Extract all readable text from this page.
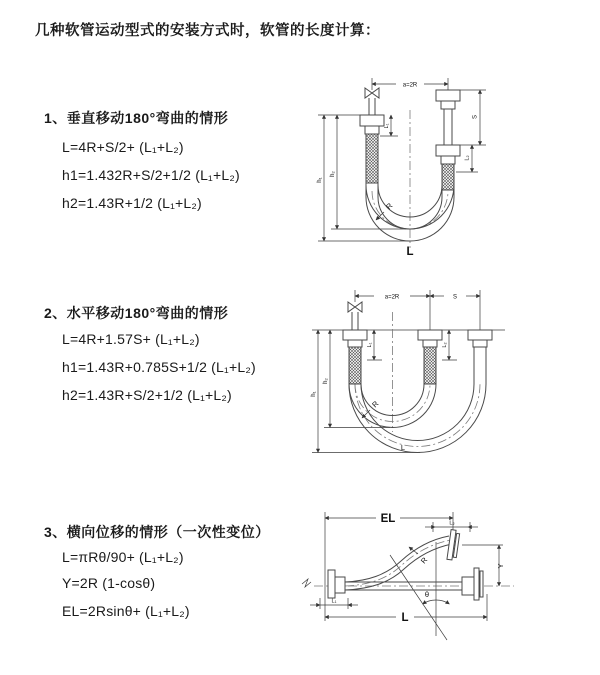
几种软管运动型式的安装方式时，软管的长度计算：
1、垂直移动180°弯曲的情形
L=4R+S/2+ (L₁+L₂)
h1=1.432R+S/2+1/2 (L₁+L₂)
h2=1.43R+1/2 (L₁+L₂)
2、水平移动180°弯曲的情形
L=4R+1.57S+ (L₁+L₂)
h1=1.43R+0.785S+1/2 (L₁+L₂)
h2=1.43R+S/2+1/2 (L₁+L₂)
3、横向位移的情形（一次性变位）
L=πRθ/90+ (L₁+L₂)
Y=2R (1-cosθ)
EL=2Rsinθ+ (L₁+L₂)
a=2R
h₁
h₂
L₁
S
L₂
R
L
a=2R	S
h₁
h₂
L₁	L₂
R
L
EL	L₂
Y
L
L₁
θ
R
